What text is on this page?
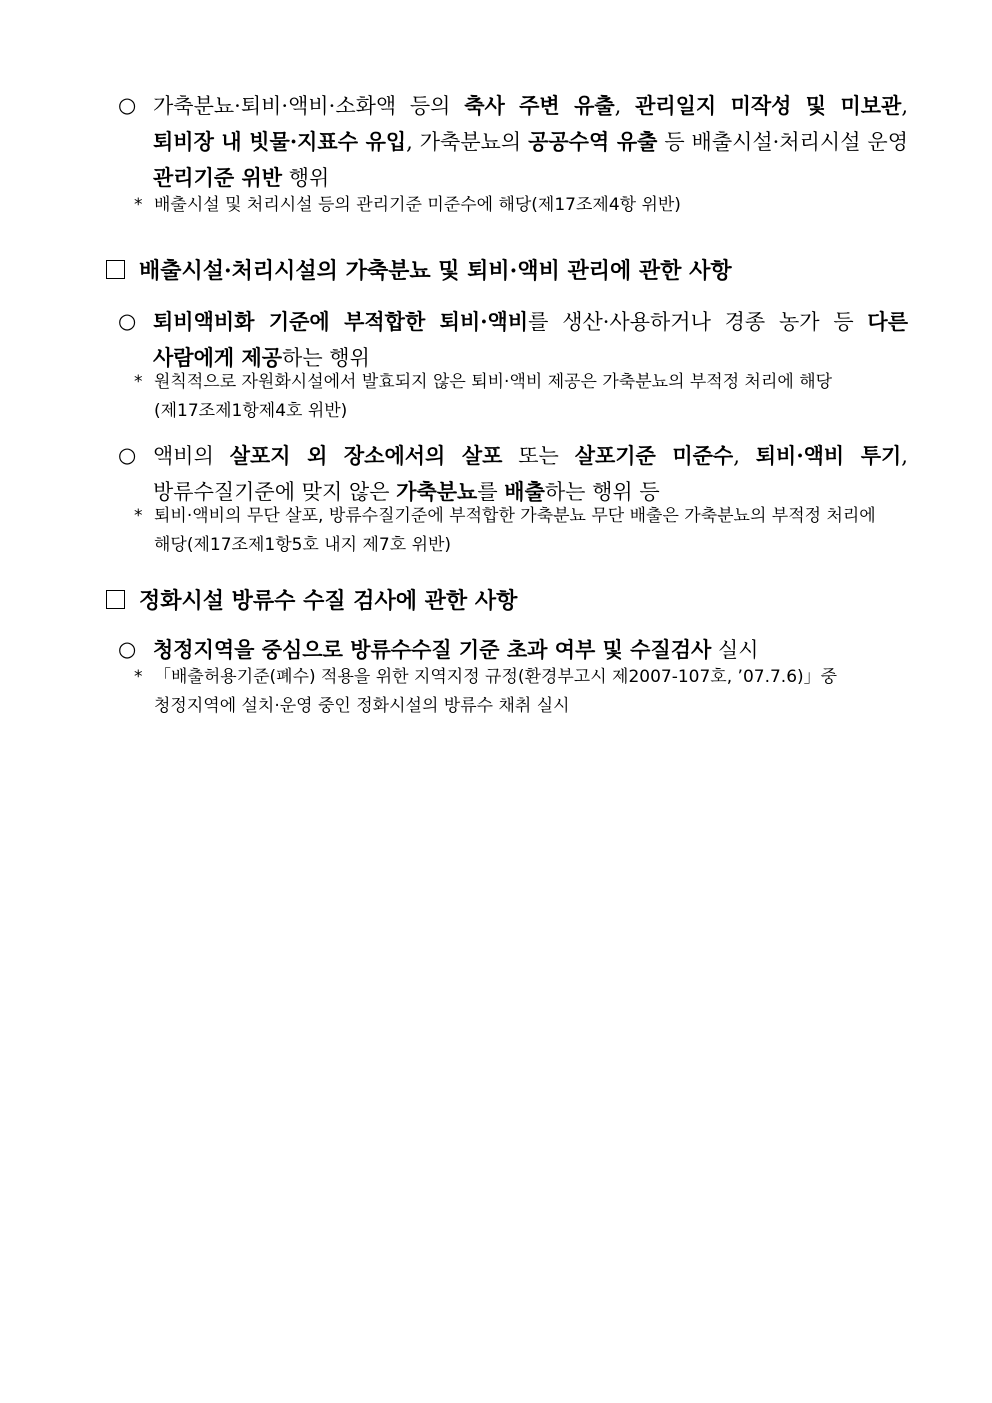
○ 가축분뇨·퇴비·액비·소화액 등의 축사 주변 유출, 관리일지 미작성 및 미보관, 퇴비장 내 빗물·지표수 유입, 가축분뇨의 공공수역 유출 등 배출시설·처리시설 운영 관리기준 위반 행위
* 배출시설 및 처리시설 등의 관리기준 미준수에 해당(제17조제4항 위반)
배출시설·처리시설의 가축분뇨 및 퇴비·액비 관리에 관한 사항
○ 퇴비액비화 기준에 부적합한 퇴비·액비를 생산·사용하거나 경종 농가 등 다른 사람에게 제공하는 행위
* 원칙적으로 자원화시설에서 발효되지 않은 퇴비·액비 제공은 가축분뇨의 부적정 처리에 해당(제17조제1항제4호 위반)
○ 액비의 살포지 외 장소에서의 살포 또는 살포기준 미준수, 퇴비·액비 투기, 방류수질기준에 맞지 않은 가축분뇨를 배출하는 행위 등
* 퇴비·액비의 무단 살포, 방류수질기준에 부적합한 가축분뇨 무단 배출은 가축분뇨의 부적정 처리에 해당(제17조제1항5호 내지 제7호 위반)
정화시설 방류수 수질 검사에 관한 사항
○ 청정지역을 중심으로 방류수수질 기준 초과 여부 및 수질검사 실시
* 「배출허용기준(폐수) 적용을 위한 지역지정 규정(환경부고시 제2007-107호, ’07.7.6)」중 청정지역에 설치·운영 중인 정화시설의 방류수 채취 실시
